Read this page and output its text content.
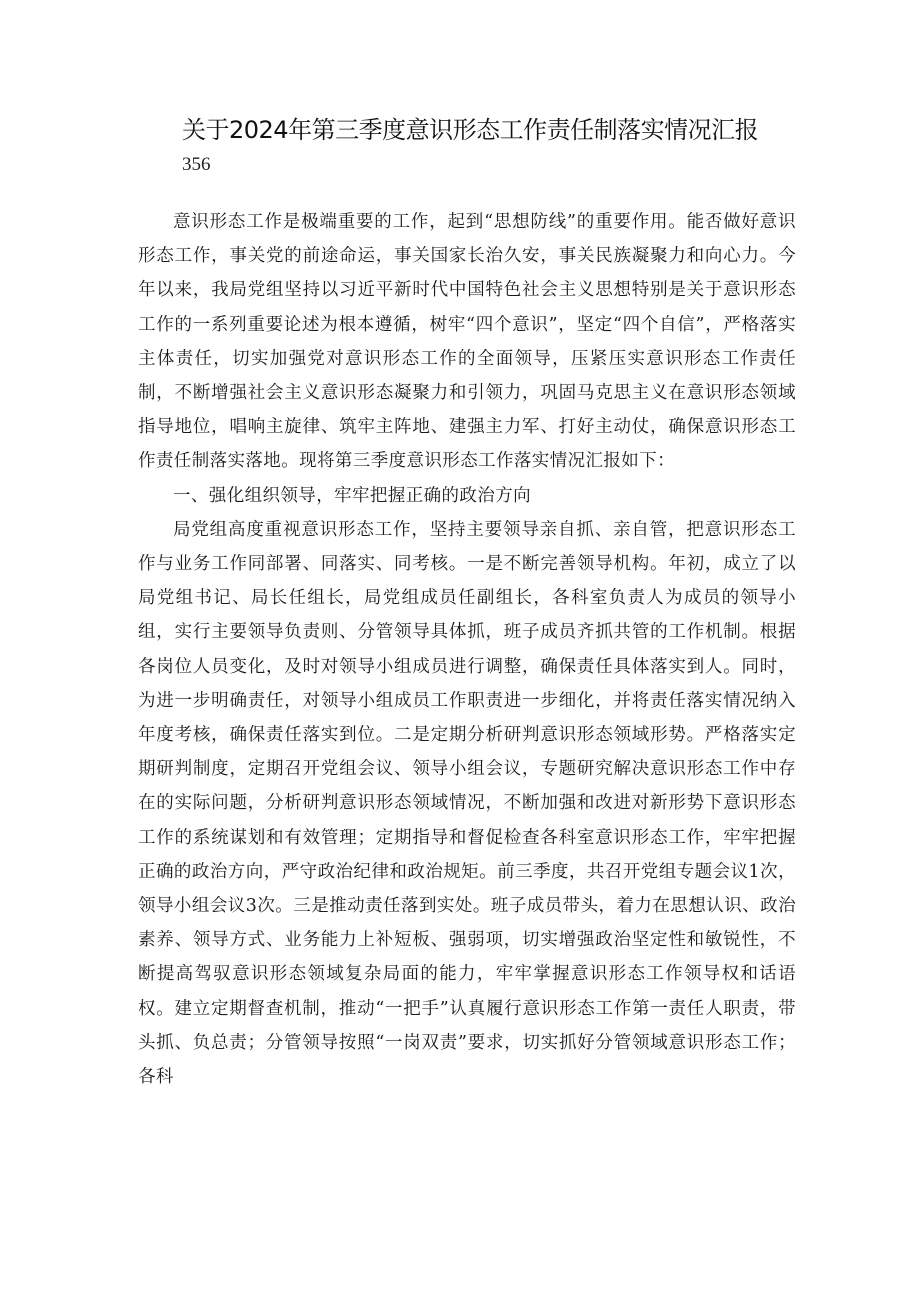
关于2024年第三季度意识形态工作责任制落实情况汇报
356

意识形态工作是极端重要的工作，起到“思想防线”的重要作用。能否做好意识形态工作，事关党的前途命运，事关国家长治久安，事关民族凝聚力和向心力。今年以来，我局党组坚持以习近平新时代中国特色社会主义思想特别是关于意识形态工作的一系列重要论述为根本遵循，树牢“四个意识”，坚定“四个自信”，严格落实主体责任，切实加强党对意识形态工作的全面领导，压紧压实意识形态工作责任制，不断增强社会主义意识形态凝聚力和引领力，巩固马克思主义在意识形态领域指导地位，唱响主旋律、筑牢主阵地、建强主力军、打好主动仗，确保意识形态工作责任制落实落地。现将第三季度意识形态工作落实情况汇报如下：

一、强化组织领导，牢牢把握正确的政治方向

局党组高度重视意识形态工作，坚持主要领导亲自抓、亲自管，把意识形态工作与业务工作同部署、同落实、同考核。一是不断完善领导机构。年初，成立了以局党组书记、局长任组长，局党组成员任副组长，各科室负责人为成员的领导小组，实行主要领导负责则、分管领导具体抓，班子成员齐抓共管的工作机制。根据各岗位人员变化，及时对领导小组成员进行调整，确保责任具体落实到人。同时，为进一步明确责任，对领导小组成员工作职责进一步细化，并将责任落实情况纳入年度考核，确保责任落实到位。二是定期分析研判意识形态领域形势。严格落实定期研判制度，定期召开党组会议、领导小组会议，专题研究解决意识形态工作中存在的实际问题，分析研判意识形态领域情况，不断加强和改进对新形势下意识形态工作的系统谋划和有效管理；定期指导和督促检查各科室意识形态工作，牢牢把握正确的政治方向，严守政治纪律和政治规矩。前三季度，共召开党组专题会议1次，领导小组会议3次。三是推动责任落到实处。班子成员带头，着力在思想认识、政治素养、领导方式、业务能力上补短板、强弱项，切实增强政治坚定性和敏锐性，不断提高驾驭意识形态领域复杂局面的能力，牢牢掌握意识形态工作领导权和话语权。建立定期督查机制，推动“一把手”认真履行意识形态工作第一责任人职责，带头抓、负总责；分管领导按照“一岗双责”要求，切实抓好分管领域意识形态工作；各科
